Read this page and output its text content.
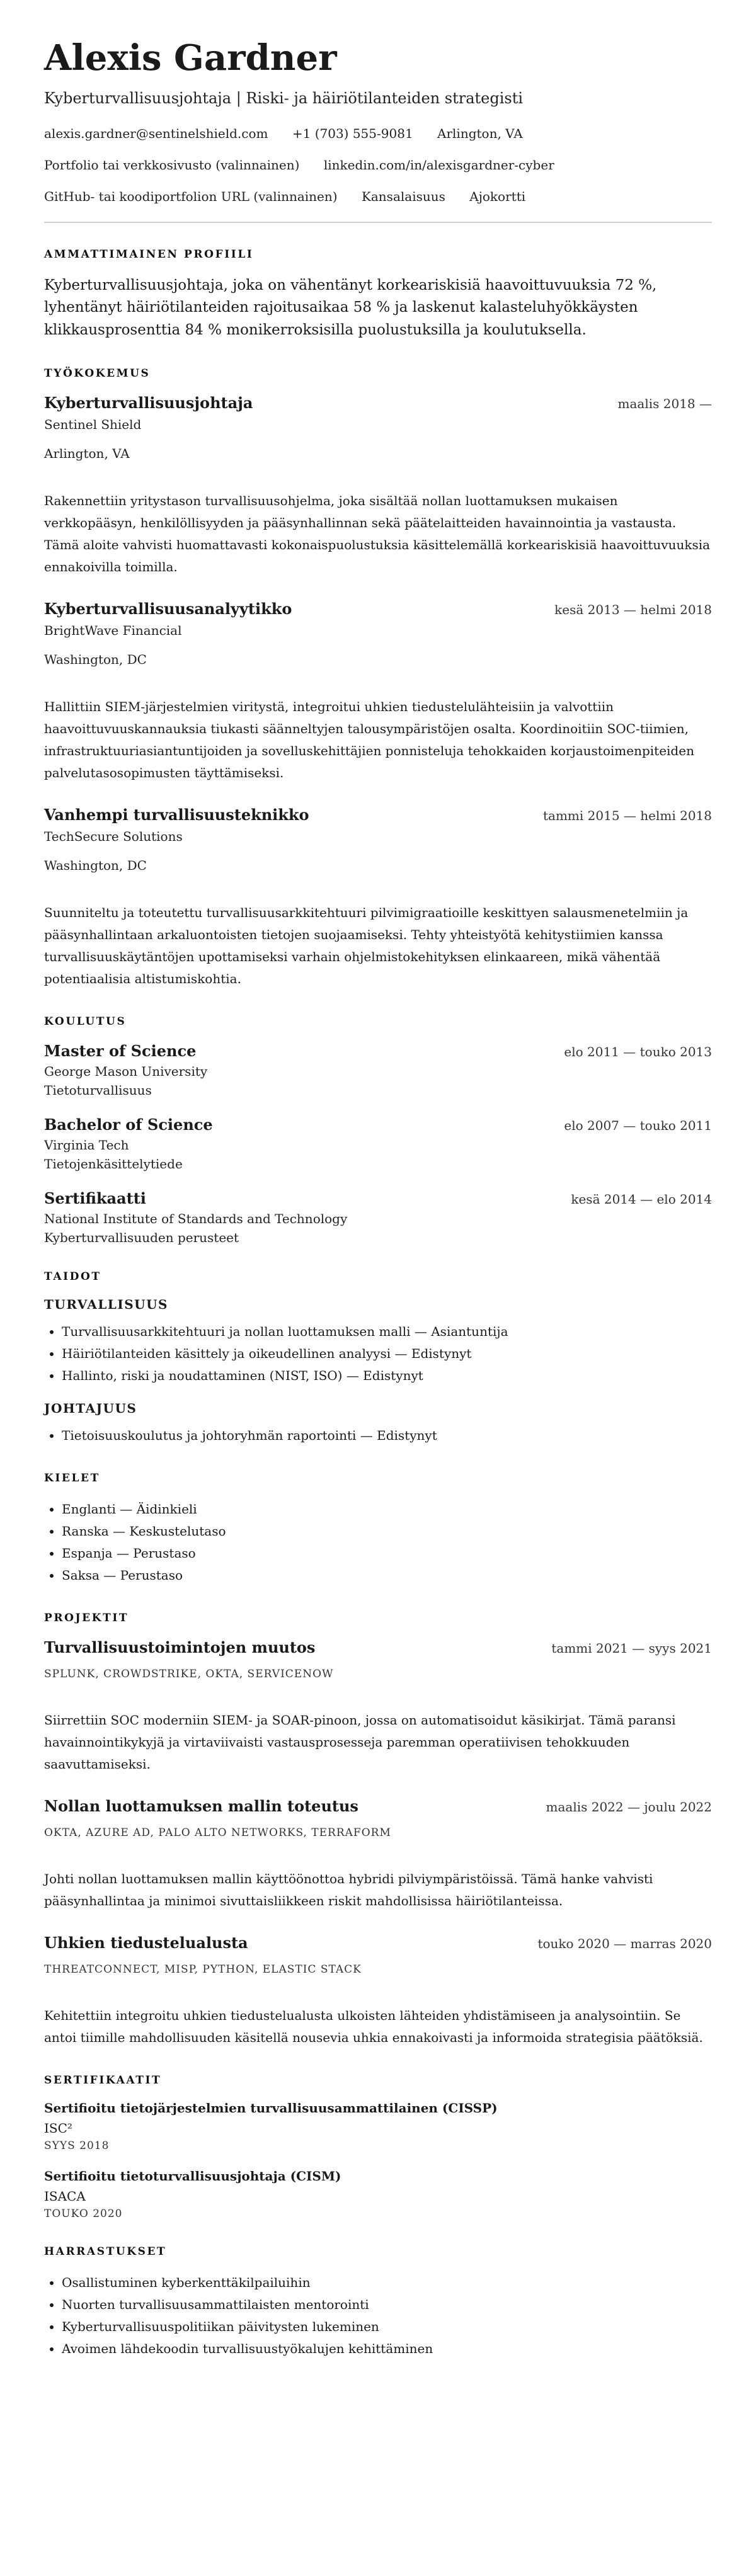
Alexis Gardner
Kyberturvallisuusjohtaja | Riski- ja häiriötilanteiden strategisti
alexis.gardner@sentinelshield.com +1 (703) 555-9081 Arlington, VA
Portfolio tai verkkosivusto (valinnainen) linkedin.com/in/alexisgardner-cyber
GitHub- tai koodiportfolion URL (valinnainen) Kansalaisuus Ajokortti
AMMATTIMAINEN PROFIILI

Kyberturvallisuusjohtaja, joka on vähentänyt korkeariskisiä haavoittuvuuksia 72 %, lyhentänyt häiriötilanteiden rajoitusaikaa 58 % ja laskenut kalasteluhyökkäysten klikkausprosenttia 84 % monikerroksisilla puolustuksilla ja koulutuksella.

TYÖKOKEMUS
Kyberturvallisuusjohtaja	maalis 2018 —
Sentinel Shield
Arlington, VA

Rakennettiin yritystason turvallisuusohjelma, joka sisältää nollan luottamuksen mukaisen verkkopääsyn, henkilöllisyyden ja pääsynhallinnan sekä päätelaitteiden havainnointia ja vastausta. Tämä aloite vahvisti huomattavasti kokonaispuolustuksia käsittelemällä korkeariskisiä haavoittuvuuksia ennakoivilla toimilla.

Kyberturvallisuusanalyytikko	kesä 2013 — helmi 2018
BrightWave Financial
Washington, DC

Hallittiin SIEM-järjestelmien viritystä, integroitui uhkien tiedustelulähteisiin ja valvottiin haavoittuvuuskannauksia tiukasti säänneltyjen talousympäristöjen osalta. Koordinoitiin SOC-tiimien, infrastruktuuriasiantuntijoiden ja sovelluskehittäjien ponnisteluja tehokkaiden korjaustoimenpiteiden palvelutasosopimusten täyttämiseksi.

Vanhempi turvallisuusteknikko	tammi 2015 — helmi 2018
TechSecure Solutions
Washington, DC

Suunniteltu ja toteutettu turvallisuusarkkitehtuuri pilvimigraatioille keskittyen salausmenetelmiin ja pääsynhallintaan arkaluontoisten tietojen suojaamiseksi. Tehty yhteistyötä kehitystiimien kanssa turvallisuuskäytäntöjen upottamiseksi varhain ohjelmistokehityksen elinkaareen, mikä vähentää potentiaalisia altistumiskohtia.

KOULUTUS
Master of Science	elo 2011 — touko 2013
George Mason University
Tietoturvallisuus
Bachelor of Science	elo 2007 — touko 2011
Virginia Tech
Tietojenkäsittelytiede
Sertifikaatti	kesä 2014 — elo 2014
National Institute of Standards and Technology
Kyberturvallisuuden perusteet
TAIDOT
TURVALLISUUS
• Turvallisuusarkkitehtuuri ja nollan luottamuksen malli — Asiantuntija
• Häiriötilanteiden käsittely ja oikeudellinen analyysi — Edistynyt
• Hallinto, riski ja noudattaminen (NIST, ISO) — Edistynyt
JOHTAJUUS
• Tietoisuuskoulutus ja johtoryhmän raportointi — Edistynyt
KIELET
• Englanti — Äidinkieli
• Ranska — Keskustelutaso
• Espanja — Perustaso
• Saksa — Perustaso
PROJEKTIT
Turvallisuustoimintojen muutos	tammi 2021 — syys 2021
SPLUNK, CROWDSTRIKE, OKTA, SERVICENOW

Siirrettiin SOC moderniin SIEM- ja SOAR-pinoon, jossa on automatisoidut käsikirjat. Tämä paransi havainnointikykyjä ja virtaviivaisti vastausprosesseja paremman operatiivisen tehokkuuden saavuttamiseksi.

Nollan luottamuksen mallin toteutus	maalis 2022 — joulu 2022
OKTA, AZURE AD, PALO ALTO NETWORKS, TERRAFORM

Johti nollan luottamuksen mallin käyttöönottoa hybridi pilviympäristöissä. Tämä hanke vahvisti pääsynhallintaa ja minimoi sivuttaisliikkeen riskit mahdollisissa häiriötilanteissa.

Uhkien tiedustelualusta	touko 2020 — marras 2020
THREATCONNECT, MISP, PYTHON, ELASTIC STACK

Kehitettiin integroitu uhkien tiedustelualusta ulkoisten lähteiden yhdistämiseen ja analysointiin. Se antoi tiimille mahdollisuuden käsitellä nousevia uhkia ennakoivasti ja informoida strategisia päätöksiä.

SERTIFIKAATIT
Sertifioitu tietojärjestelmien turvallisuusammattilainen (CISSP)
ISC²
SYYS 2018
Sertifioitu tietoturvallisuusjohtaja (CISM)
ISACA
TOUKO 2020
HARRASTUKSET
• Osallistuminen kyberkenttäkilpailuihin
• Nuorten turvallisuusammattilaisten mentorointi
• Kyberturvallisuuspolitiikan päivitysten lukeminen
• Avoimen lähdekoodin turvallisuustyökalujen kehittäminen
